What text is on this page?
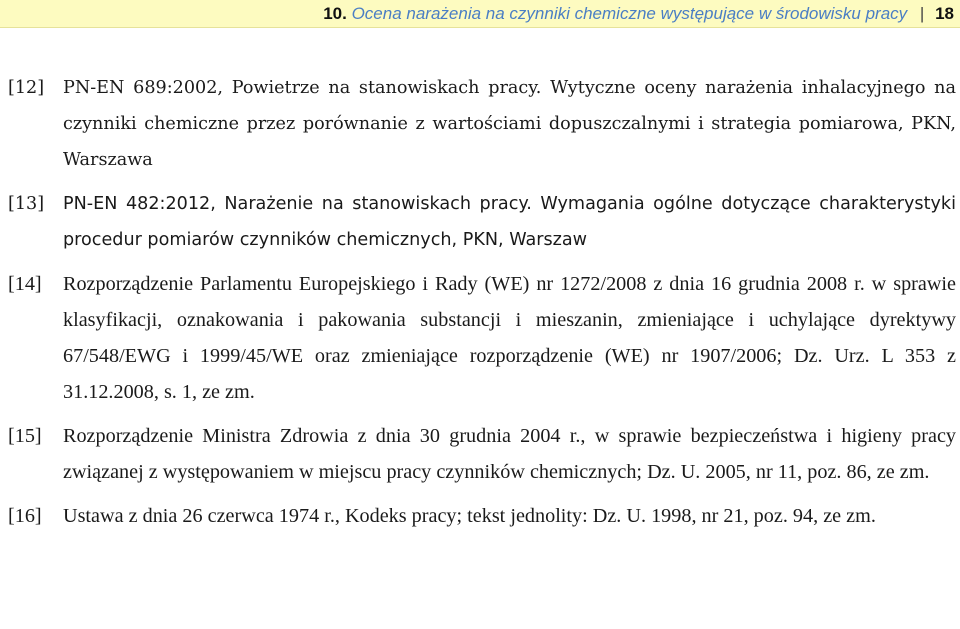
10. Ocena narażenia na czynniki chemiczne występujące w środowisku pracy | 18
[12] PN-EN 689:2002, Powietrze na stanowiskach pracy. Wytyczne oceny narażenia inhalacyjnego na czynniki chemiczne przez porównanie z wartościami dopuszczalnymi i strategia pomiarowa, PKN, Warszawa
[13] PN-EN 482:2012, Narażenie na stanowiskach pracy. Wymagania ogólne dotyczące charakterystyki procedur pomiarów czynników chemicznych, PKN, Warszaw
[14] Rozporządzenie Parlamentu Europejskiego i Rady (WE) nr 1272/2008 z dnia 16 grudnia 2008 r. w sprawie klasyfikacji, oznakowania i pakowania substancji i mieszanin, zmieniające i uchylające dyrektywy 67/548/EWG i 1999/45/WE oraz zmieniające rozporządzenie (WE) nr 1907/2006; Dz. Urz. L 353 z 31.12.2008, s. 1, ze zm.
[15] Rozporządzenie Ministra Zdrowia z dnia 30 grudnia 2004 r., w sprawie bezpieczeństwa i higieny pracy związanej z występowaniem w miejscu pracy czynników chemicznych; Dz. U. 2005, nr 11, poz. 86, ze zm.
[16] Ustawa z dnia 26 czerwca 1974 r., Kodeks pracy; tekst jednolity: Dz. U. 1998, nr 21, poz. 94, ze zm.
